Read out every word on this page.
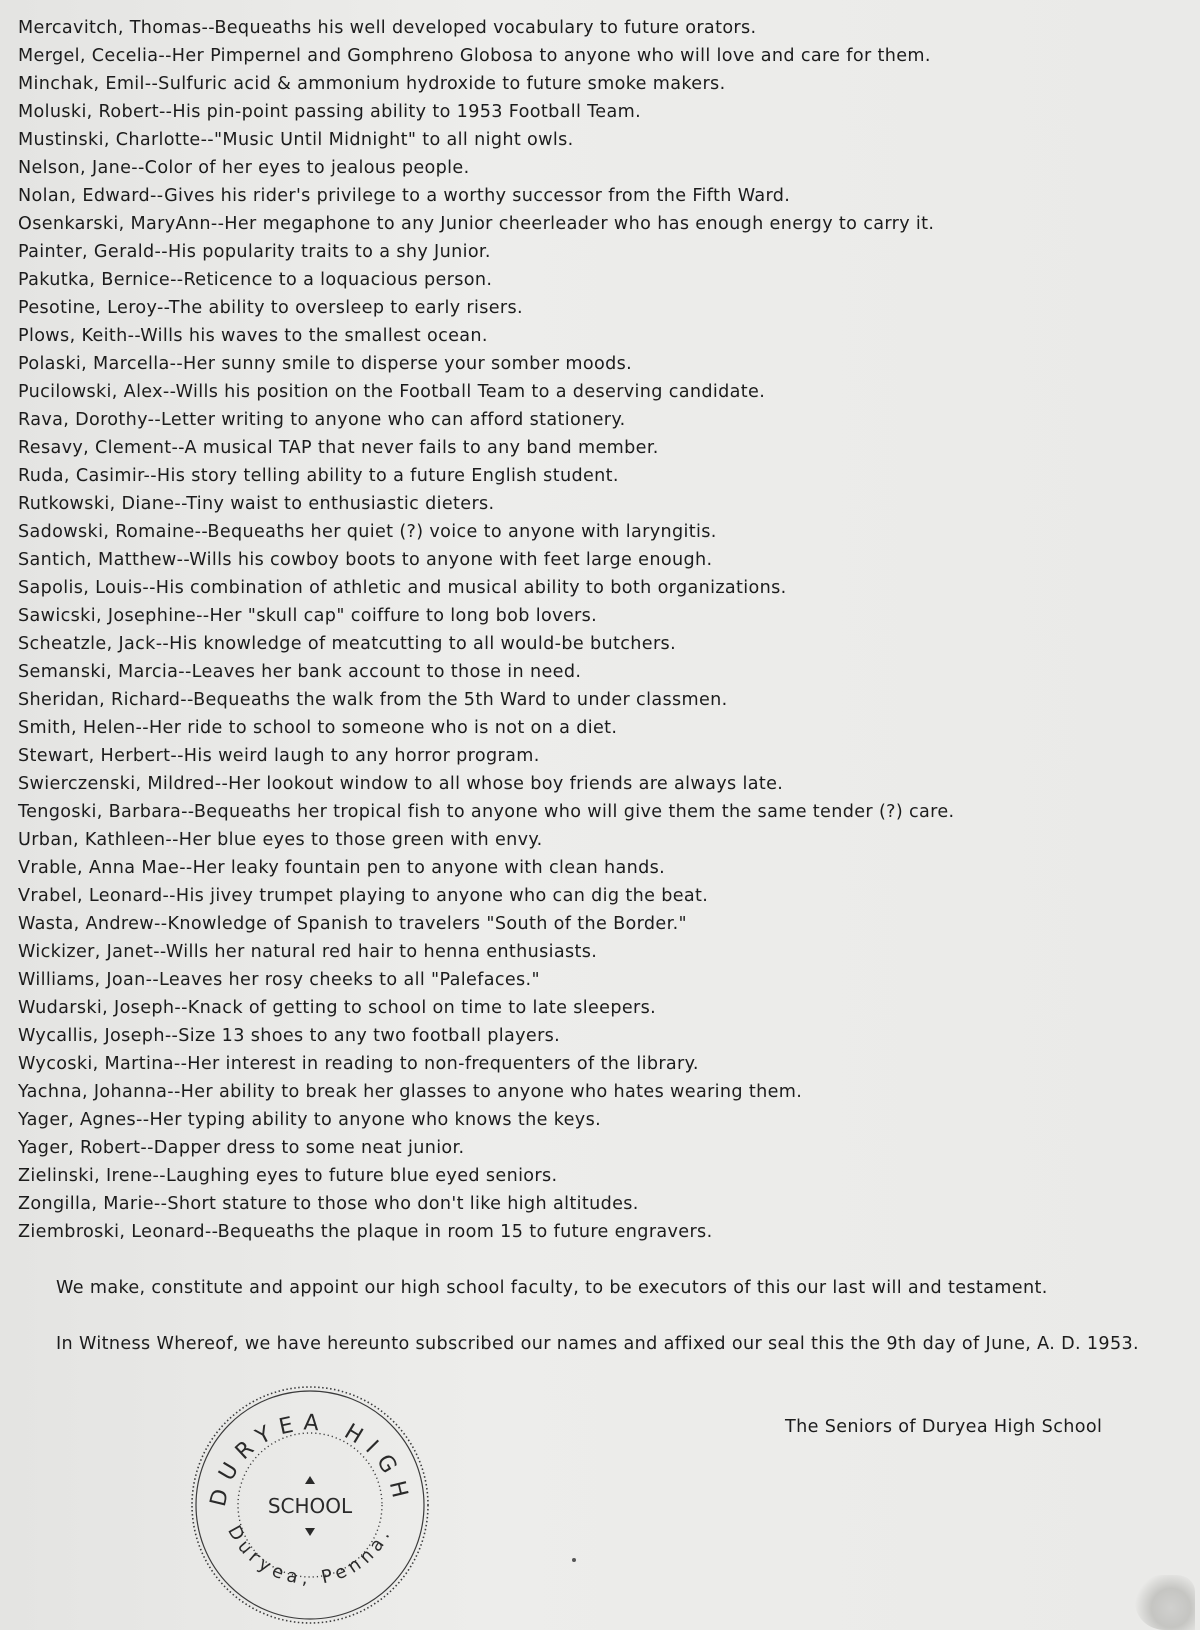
Mercavitch, Thomas--Bequeaths his well developed vocabulary to future orators.
Mergel, Cecelia--Her Pimpernel and Gomphreno Globosa to anyone who will love and care for them.
Minchak, Emil--Sulfuric acid & ammonium hydroxide to future smoke makers.
Moluski, Robert--His pin-point passing ability to 1953 Football Team.
Mustinski, Charlotte--"Music Until Midnight" to all night owls.
Nelson, Jane--Color of her eyes to jealous people.
Nolan, Edward--Gives his rider's privilege to a worthy successor from the Fifth Ward.
Osenkarski, MaryAnn--Her megaphone to any Junior cheerleader who has enough energy to carry it.
Painter, Gerald--His popularity traits to a shy Junior.
Pakutka, Bernice--Reticence to a loquacious person.
Pesotine, Leroy--The ability to oversleep to early risers.
Plows, Keith--Wills his waves to the smallest ocean.
Polaski, Marcella--Her sunny smile to disperse your somber moods.
Pucilowski, Alex--Wills his position on the Football Team to a deserving candidate.
Rava, Dorothy--Letter writing to anyone who can afford stationery.
Resavy, Clement--A musical TAP that never fails to any band member.
Ruda, Casimir--His story telling ability to a future English student.
Rutkowski, Diane--Tiny waist to enthusiastic dieters.
Sadowski, Romaine--Bequeaths her quiet (?) voice to anyone with laryngitis.
Santich, Matthew--Wills his cowboy boots to anyone with feet large enough.
Sapolis, Louis--His combination of athletic and musical ability to both organizations.
Sawicski, Josephine--Her "skull cap" coiffure to long bob lovers.
Scheatzle, Jack--His knowledge of meatcutting to all would-be butchers.
Semanski, Marcia--Leaves her bank account to those in need.
Sheridan, Richard--Bequeaths the walk from the 5th Ward to under classmen.
Smith, Helen--Her ride to school to someone who is not on a diet.
Stewart, Herbert--His weird laugh to any horror program.
Swierczenski, Mildred--Her lookout window to all whose boy friends are always late.
Tengoski, Barbara--Bequeaths her tropical fish to anyone who will give them the same tender (?) care.
Urban, Kathleen--Her blue eyes to those green with envy.
Vrable, Anna Mae--Her leaky fountain pen to anyone with clean hands.
Vrabel, Leonard--His jivey trumpet playing to anyone who can dig the beat.
Wasta, Andrew--Knowledge of Spanish to travelers "South of the Border."
Wickizer, Janet--Wills her natural red hair to henna enthusiasts.
Williams, Joan--Leaves her rosy cheeks to all "Palefaces."
Wudarski, Joseph--Knack of getting to school on time to late sleepers.
Wycallis, Joseph--Size 13 shoes to any two football players.
Wycoski, Martina--Her interest in reading to non-frequenters of the library.
Yachna, Johanna--Her ability to break her glasses to anyone who hates wearing them.
Yager, Agnes--Her typing ability to anyone who knows the keys.
Yager, Robert--Dapper dress to some neat junior.
Zielinski, Irene--Laughing eyes to future blue eyed seniors.
Zongilla, Marie--Short stature to those who don't like high altitudes.
Ziembroski, Leonard--Bequeaths the plaque in room 15 to future engravers.

We make, constitute and appoint our high school faculty, to be executors of this our last will and testament.

In Witness Whereof, we have hereunto subscribed our names and affixed our seal this the 9th day of June, A. D. 1953.

The Seniors of Duryea High School

DURYEA HIGH
Duryea, Penna.
SCHOOL
